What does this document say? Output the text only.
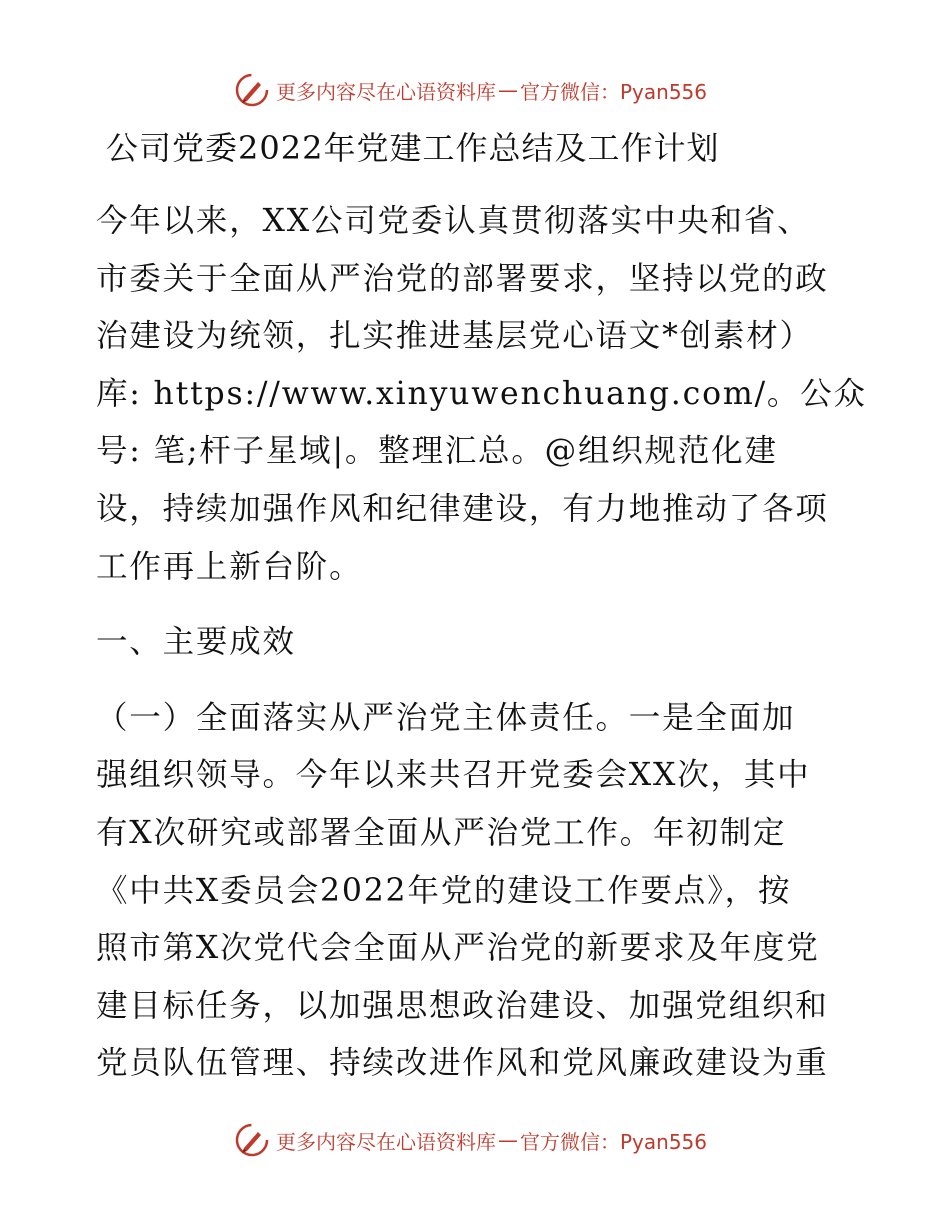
更多内容尽在心语资料库 — 官方微信：Pyan556
公司党委2022年党建工作总结及工作计划

今年以来，XX公司党委认真贯彻落实中央和省、

市委关于全面从严治党的部署要求，坚持以党的政

治建设为统领，扎实推进基层党心语文*创素材）

库: https://www.xinyuwenchuang.com/。公众

号: 笔;杆子星域|。整理汇总。@组织规范化建

设，持续加强作风和纪律建设，有力地推动了各项

工作再上新台阶。

一、主要成效

（一）全面落实从严治党主体责任。一是全面加

强组织领导。今年以来共召开党委会XX次，其中

有X次研究或部署全面从严治党工作。年初制定

《中共X委员会2022年党的建设工作要点》，按

照市第X次党代会全面从严治党的新要求及年度党

建目标任务，以加强思想政治建设、加强党组织和

党员队伍管理、持续改进作风和党风廉政建设为重

更多内容尽在心语资料库 — 官方微信：Pyan556
